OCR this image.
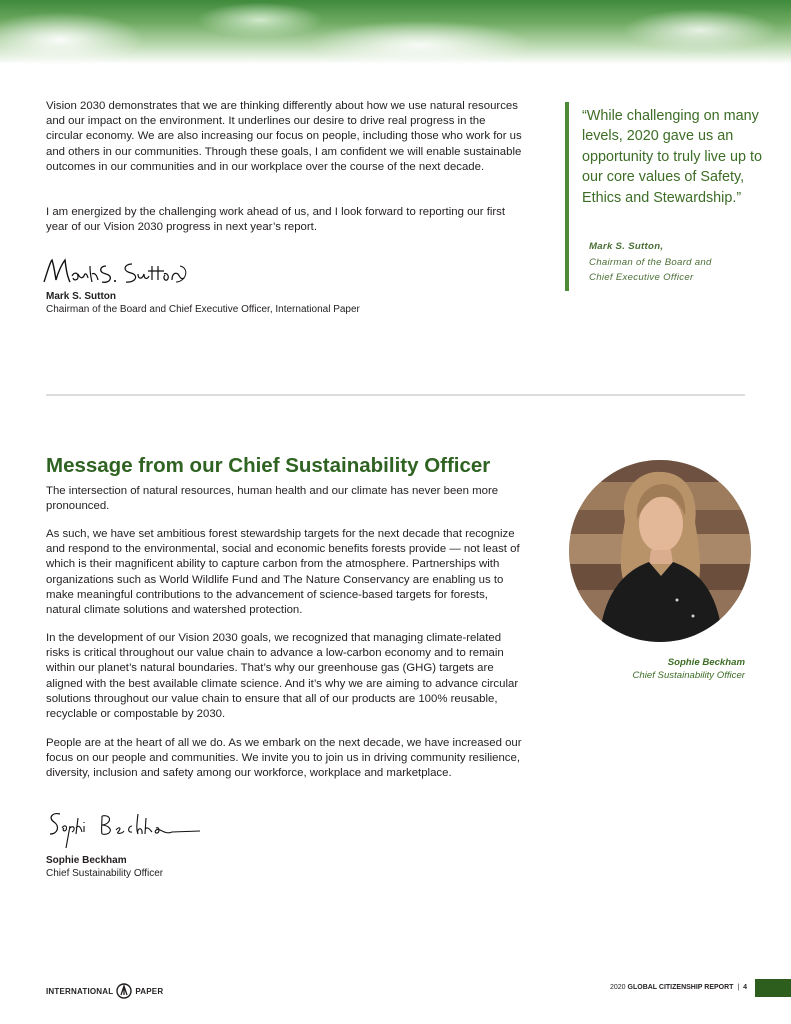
Vision 2030 demonstrates that we are thinking differently about how we use natural resources and our impact on the environment. It underlines our desire to drive real progress in the circular economy. We are also increasing our focus on people, including those who work for us and others in our communities. Through these goals, I am confident we will enable sustainable outcomes in our communities and in our workplace over the course of the next decade.

I am energized by the challenging work ahead of us, and I look forward to reporting our first year of our Vision 2030 progress in next year’s report.

Mark S. Sutton
Chairman of the Board and Chief Executive Officer, International Paper

“While challenging on many levels, 2020 gave us an opportunity to truly live up to our core values of Safety, Ethics and Stewardship.”

Mark S. Sutton,
Chairman of the Board and
Chief Executive Officer
Message from our Chief Sustainability Officer

The intersection of natural resources, human health and our climate has never been more pronounced.

As such, we have set ambitious forest stewardship targets for the next decade that recognize and respond to the environmental, social and economic benefits forests provide — not least of which is their magnificent ability to capture carbon from the atmosphere. Partnerships with organizations such as World Wildlife Fund and The Nature Conservancy are enabling us to make meaningful contributions to the advancement of science-based targets for forests, natural climate solutions and watershed protection.

In the development of our Vision 2030 goals, we recognized that managing climate-related risks is critical throughout our value chain to advance a low-carbon economy and to remain within our planet’s natural boundaries. That’s why our greenhouse gas (GHG) targets are aligned with the best available climate science. And it’s why we are aiming to advance circular solutions throughout our value chain to ensure that all of our products are 100% reusable, recyclable or compostable by 2030.

People are at the heart of all we do. As we embark on the next decade, we have increased our focus on our people and communities. We invite you to join us in driving community resilience, diversity, inclusion and safety among our workforce, workplace and marketplace.

Sophie Beckham
Chief Sustainability Officer
Sophie Beckham
Chief Sustainability Officer
INTERNATIONAL	PAPER	2020 GLOBAL CITIZENSHIP REPORT | 4
